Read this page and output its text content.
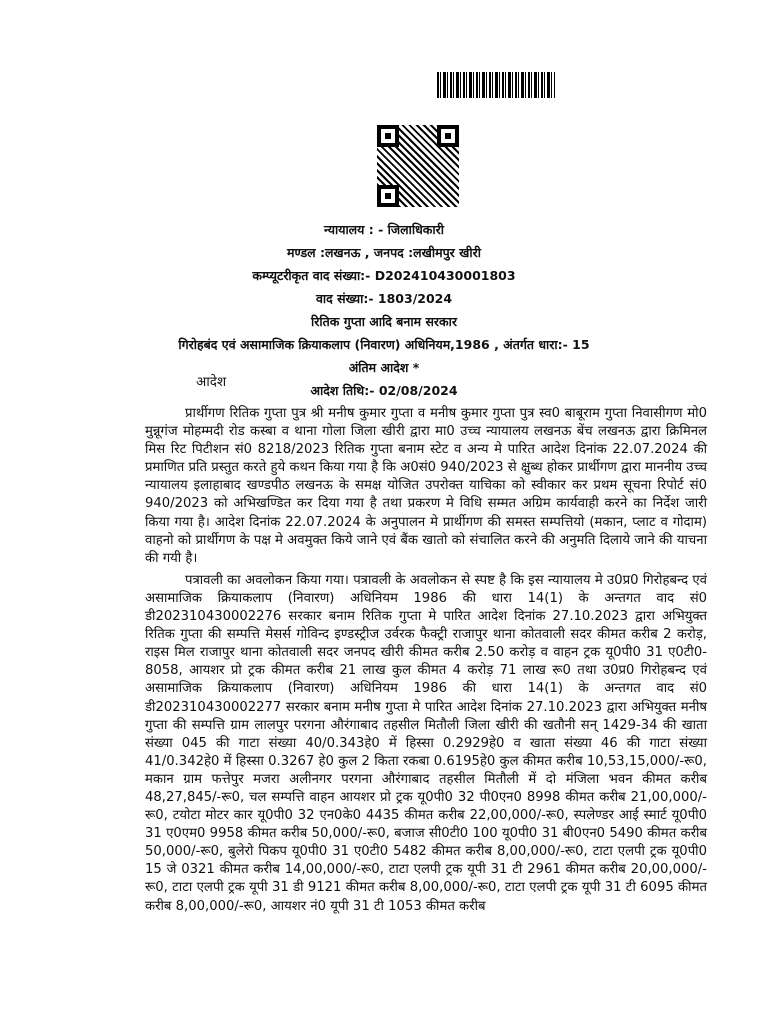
न्यायालय : - जिलाधिकारी
मण्डल :लखनऊ , जनपद :लखीमपुर खीरी
कम्प्यूटरीकृत वाद संख्या:- D202410430001803
वाद संख्या:- 1803/2024
रितिक गुप्ता आदि बनाम सरकार
गिरोहबंद एवं असामाजिक क्रियाकलाप (निवारण) अधिनियम,1986 , अंतर्गत धारा:- 15
अंतिम आदेश *
आदेश तिथि:- 02/08/2024
आदेश

प्रार्थीगण रितिक गुप्ता पुत्र श्री मनीष कुमार गुप्ता व मनीष कुमार गुप्ता पुत्र स्व0 बाबूराम गुप्ता निवासीगण मो0 मुन्नूगंज मोहम्मदी रोड कस्बा व थाना गोला जिला खीरी द्वारा मा0 उच्च न्यायालय लखनऊ बेंच लखनऊ द्वारा क्रिमिनल मिस रिट पिटीशन सं0 8218/2023 रितिक गुप्ता बनाम स्टेट व अन्य मे पारित आदेश दिनांक 22.07.2024 की प्रमाणित प्रति प्रस्तुत करते हुये कथन किया गया है कि अ0सं0 940/2023 से क्षुब्ध होकर प्रार्थीगण द्वारा माननीय उच्च न्यायालय इलाहाबाद खण्डपीठ लखनऊ के समक्ष योजित उपरोक्त याचिका को स्वीकार कर प्रथम सूचना रिपोर्ट सं0 940/2023 को अभिखण्डित कर दिया गया है तथा प्रकरण मे विधि सम्मत अग्रिम कार्यवाही करने का निर्देश जारी किया गया है। आदेश दिनांक 22.07.2024 के अनुपालन मे प्रार्थीगण की समस्त सम्पत्तियो (मकान, प्लाट व गोदाम) वाहनो को प्रार्थीगण के पक्ष मे अवमुक्त किये जाने एवं बैंक खातो को संचालित करने की अनुमति दिलाये जाने की याचना की गयी है।

पत्रावली का अवलोकन किया गया। पत्रावली के अवलोकन से स्पष्ट है कि इस न्यायालय मे उ0प्र0 गिरोहबन्द एवं असामाजिक क्रियाकलाप (निवारण) अधिनियम 1986 की धारा 14(1) के अन्तगत वाद सं0 डी202310430002276 सरकार बनाम रितिक गुप्ता मे पारित आदेश दिनांक 27.10.2023 द्वारा अभियुक्त रितिक गुप्ता की सम्पत्ति मेसर्स गोविन्द इण्डस्ट्रीज उर्वरक फैक्ट्री राजापुर थाना कोतवाली सदर कीमत करीब 2 करोड़, राइस मिल राजापुर थाना कोतवाली सदर जनपद खीरी कीमत करीब 2.50 करोड़ व वाहन ट्रक यू0पी0 31 ए0टी0-8058, आयशर प्रो ट्रक कीमत करीब 21 लाख कुल कीमत 4 करोड़ 71 लाख रू0 तथा उ0प्र0 गिरोहबन्द एवं असामाजिक क्रियाकलाप (निवारण) अधिनियम 1986 की धारा 14(1) के अन्तगत वाद सं0 डी202310430002277 सरकार बनाम मनीष गुप्ता मे पारित आदेश दिनांक 27.10.2023 द्वारा अभियुक्त मनीष गुप्ता की सम्पत्ति ग्राम लालपुर परगना औरंगाबाद तहसील मितौली जिला खीरी की खतौनी सन् 1429-34 की खाता संख्या 045 की गाटा संख्या 40/0.343हे0 में हिस्सा 0.2929हे0 व खाता संख्या 46 की गाटा संख्या 41/0.342हे0 में हिस्सा 0.3267 हे0 कुल 2 किता रकबा 0.6195हे0 कुल कीमत करीब 10,53,15,000/-रू0, मकान ग्राम फत्तेपुर मजरा अलीनगर परगना औरंगाबाद तहसील मितौली में दो मंजिला भवन कीमत करीब 48,27,845/-रू0, चल सम्पत्ति वाहन आयशर प्रो ट्रक यू0पी0 32 पी0एन0 8998 कीमत करीब 21,00,000/-रू0, टयोटा मोटर कार यू0पी0 32 एन0के0 4435 कीमत करीब 22,00,000/-रू0, स्पलेण्डर आई स्मार्ट यू0पी0 31 ए0एम0 9958 कीमत करीब 50,000/-रू0, बजाज सी0टी0 100 यू0पी0 31 बी0एन0 5490 कीमत करीब 50,000/-रू0, बुलेरो पिकप यू0पी0 31 ए0टी0 5482 कीमत करीब 8,00,000/-रू0, टाटा एलपी ट्रक यू0पी0 15 जे 0321 कीमत करीब 14,00,000/-रू0, टाटा एलपी ट्रक यूपी 31 टी 2961 कीमत करीब 20,00,000/-रू0, टाटा एलपी ट्रक यूपी 31 डी 9121 कीमत करीब 8,00,000/-रू0, टाटा एलपी ट्रक यूपी 31 टी 6095 कीमत करीब 8,00,000/-रू0, आयशर नं0 यूपी 31 टी 1053 कीमत करीब
